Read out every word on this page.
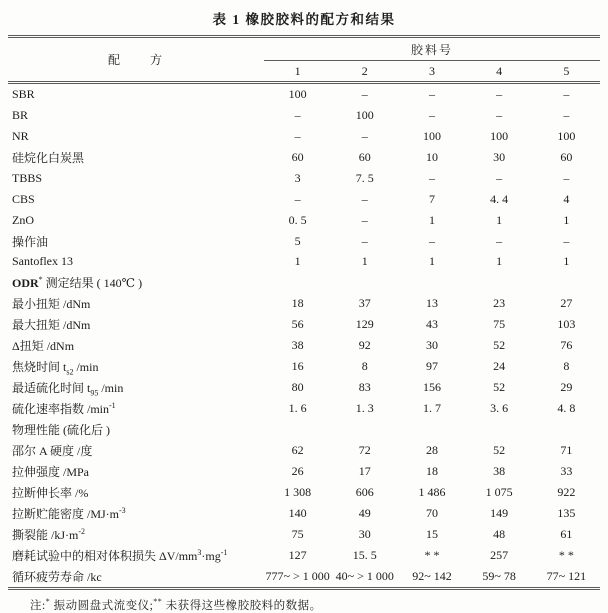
表 1 橡胶胶料的配方和结果
配　　方	胶料号				
	1	2	3	4	5
SBR	100	–	–	–	–
BR	–	100	–	–	–
NR	–	–	100	100	100
硅烷化白炭黑	60	60	10	30	60
TBBS	3	7. 5	–	–	–
CBS	–	–	7	4. 4	4
ZnO	0. 5	–	1	1	1
操作油	5	–	–	–	–
Santoflex 13	1	1	1	1	1
ODR* 测定结果 ( 140℃ )					
最小扭矩 /dNm	18	37	13	23	27
最大扭矩 /dNm	56	129	43	75	103
Δ扭矩 /dNm	38	92	30	52	76
焦烧时间 $t_{s2}$ /min	16	8	97	24	8
最适硫化时间 $t_{95}$ /min	80	83	156	52	29
硫化速率指数 $/\min^{-1}$	1. 6	1. 3	1. 7	3. 6	4. 8
物理性能 (硫化后 )					
邵尔 A 硬度 /度	62	72	28	52	71
拉伸强度 /MPa	26	17	18	38	33
拉断伸长率 /%	1 308	606	1 486	1 075	922
拉断贮能密度 $/MJ\cdot m^{-3}$	140	49	70	149	135
撕裂能 $/kJ\cdot m^{-2}$	75	30	15	48	61
磨耗试验中的相对体积损失 $\Delta V/mm^3\cdot mg^{-1}$	127	15. 5	* *	257	* *
循环疲劳寿命 /kc	777~ > 1 000	40~ > 1 000	92~ 142	59~ 78	77~ 121
注:* 振动圆盘式流变仪;** 未获得这些橡胶胶料的数据。
